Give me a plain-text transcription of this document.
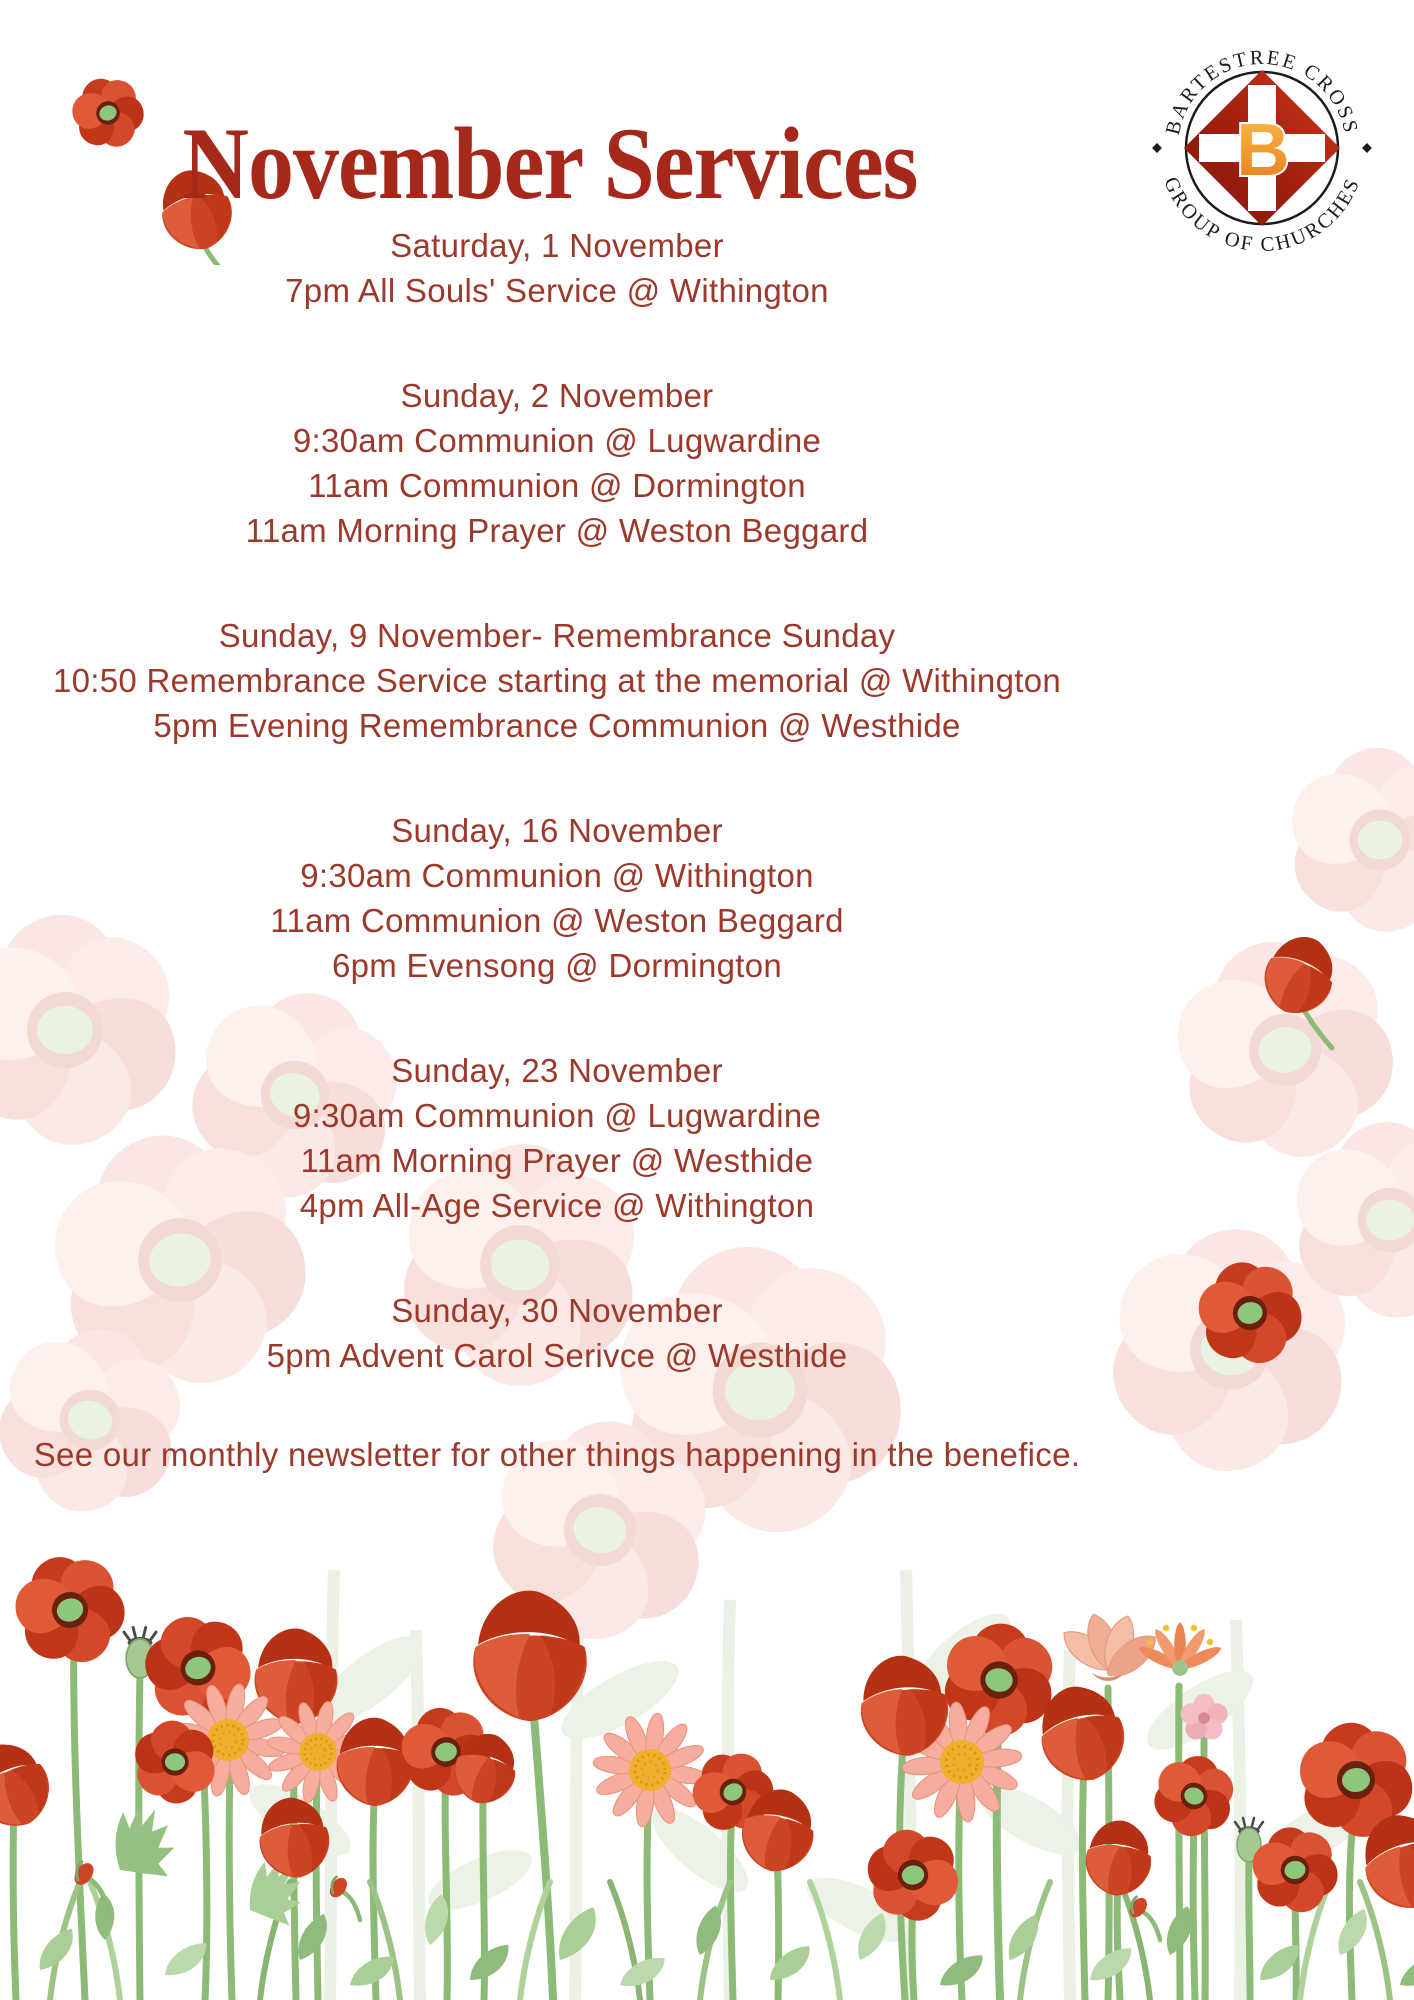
November Services	B
BARTESTREE CROSS
GROUP OF CHURCHES
Saturday, 1 November
7pm All Souls' Service @ Withington
Sunday, 2 November
9:30am Communion @ Lugwardine
11am Communion @ Dormington
11am Morning Prayer @ Weston Beggard
Sunday, 9 November- Remembrance Sunday
10:50 Remembrance Service starting at the memorial @ Withington
5pm Evening Remembrance Communion @ Westhide
Sunday, 16 November
9:30am Communion @ Withington
11am Communion @ Weston Beggard
6pm Evensong @ Dormington
Sunday, 23 November
9:30am Communion @ Lugwardine
11am Morning Prayer @ Westhide
4pm All-Age Service @ Withington
Sunday, 30 November
5pm Advent Carol Serivce @ Westhide
See our monthly newsletter for other things happening in the benefice.
